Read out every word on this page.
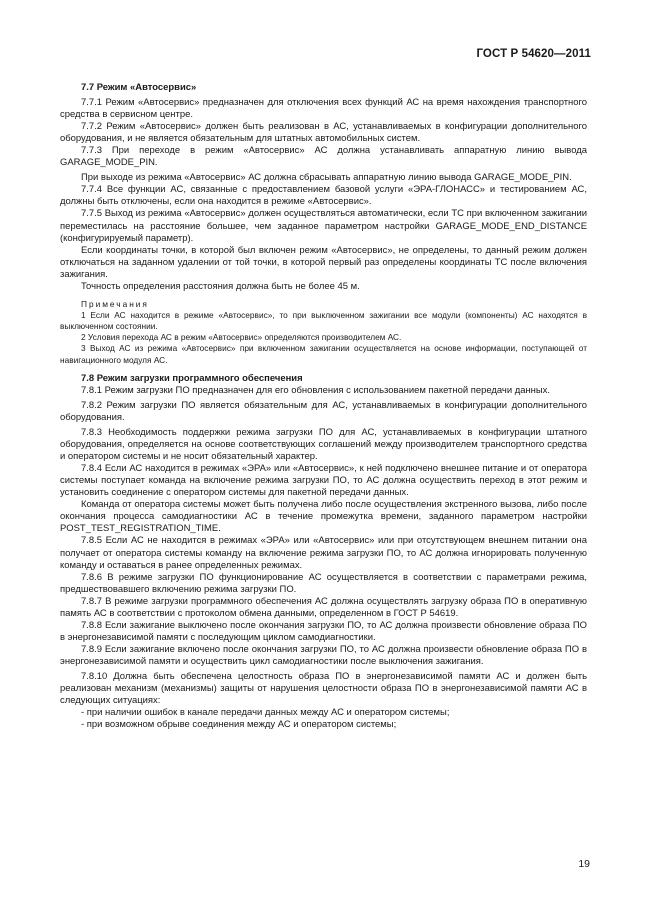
ГОСТ Р 54620—2011

7.7 Режим «Автосервис»

7.7.1 Режим «Автосервис» предназначен для отключения всех функций АС на время нахождения транспортного средства в сервисном центре.

7.7.2 Режим «Автосервис» должен быть реализован в АС, устанавливаемых в конфигурации дополнительного оборудования, и не является обязательным для штатных автомобильных систем.

7.7.3 При переходе в режим «Автосервис» АС должна устанавливать аппаратную линию вывода GARAGE_MODE_PIN.

При выходе из режима «Автосервис» АС должна сбрасывать аппаратную линию вывода GARAGE_MODE_PIN.

7.7.4 Все функции АС, связанные с предоставлением базовой услуги «ЭРА-ГЛОНАСС» и тестированием АС, должны быть отключены, если она находится в режиме «Автосервис».

7.7.5 Выход из режима «Автосервис» должен осуществляться автоматически, если ТС при включенном зажигании переместилась на расстояние большее, чем заданное параметром настройки GARAGE_MODE_END_DISTANCE (конфигурируемый параметр).

Если координаты точки, в которой был включен режим «Автосервис», не определены, то данный режим должен отключаться на заданном удалении от той точки, в которой первый раз определены координаты ТС после включения зажигания.

Точность определения расстояния должна быть не более 45 м.

Примечания

1 Если АС находится в режиме «Автосервис», то при выключенном зажигании все модули (компоненты) АС находятся в выключенном состоянии.

2 Условия перехода АС в режим «Автосервис» определяются производителем АС.

3 Выход АС из режима «Автосервис» при включенном зажигании осуществляется на основе информации, поступающей от навигационного модуля АС.

7.8 Режим загрузки программного обеспечения

7.8.1 Режим загрузки ПО предназначен для его обновления с использованием пакетной передачи данных.

7.8.2 Режим загрузки ПО является обязательным для АС, устанавливаемых в конфигурации дополнительного оборудования.

7.8.3 Необходимость поддержки режима загрузки ПО для АС, устанавливаемых в конфигурации штатного оборудования, определяется на основе соответствующих соглашений между производителем транспортного средства и оператором системы и не носит обязательный характер.

7.8.4 Если АС находится в режимах «ЭРА» или «Автосервис», к ней подключено внешнее питание и от оператора системы поступает команда на включение режима загрузки ПО, то АС должна осуществить переход в этот режим и установить соединение с оператором системы для пакетной передачи данных.

Команда от оператора системы может быть получена либо после осуществления экстренного вызова, либо после окончания процесса самодиагностики АС в течение промежутка времени, заданного параметром настройки POST_TEST_REGISTRATION_TIME.

7.8.5 Если АС не находится в режимах «ЭРА» или «Автосервис» или при отсутствующем внешнем питании она получает от оператора системы команду на включение режима загрузки ПО, то АС должна игнорировать полученную команду и оставаться в ранее определенных режимах.

7.8.6 В режиме загрузки ПО функционирование АС осуществляется в соответствии с параметрами режима, предшествовавшего включению режима загрузки ПО.

7.8.7 В режиме загрузки программного обеспечения АС должна осуществлять загрузку образа ПО в оперативную память АС в соответствии с протоколом обмена данными, определенном в ГОСТ Р 54619.

7.8.8 Если зажигание выключено после окончания загрузки ПО, то АС должна произвести обновление образа ПО в энергонезависимой памяти с последующим циклом самодиагностики.

7.8.9 Если зажигание включено после окончания загрузки ПО, то АС должна произвести обновление образа ПО в энергонезависимой памяти и осуществить цикл самодиагностики после выключения зажигания.

7.8.10 Должна быть обеспечена целостность образа ПО в энергонезависимой памяти АС и должен быть реализован механизм (механизмы) защиты от нарушения целостности образа ПО в энергонезависимой памяти АС в следующих ситуациях:

- при наличии ошибок в канале передачи данных между АС и оператором системы;

- при возможном обрыве соединения между АС и оператором системы;

19
